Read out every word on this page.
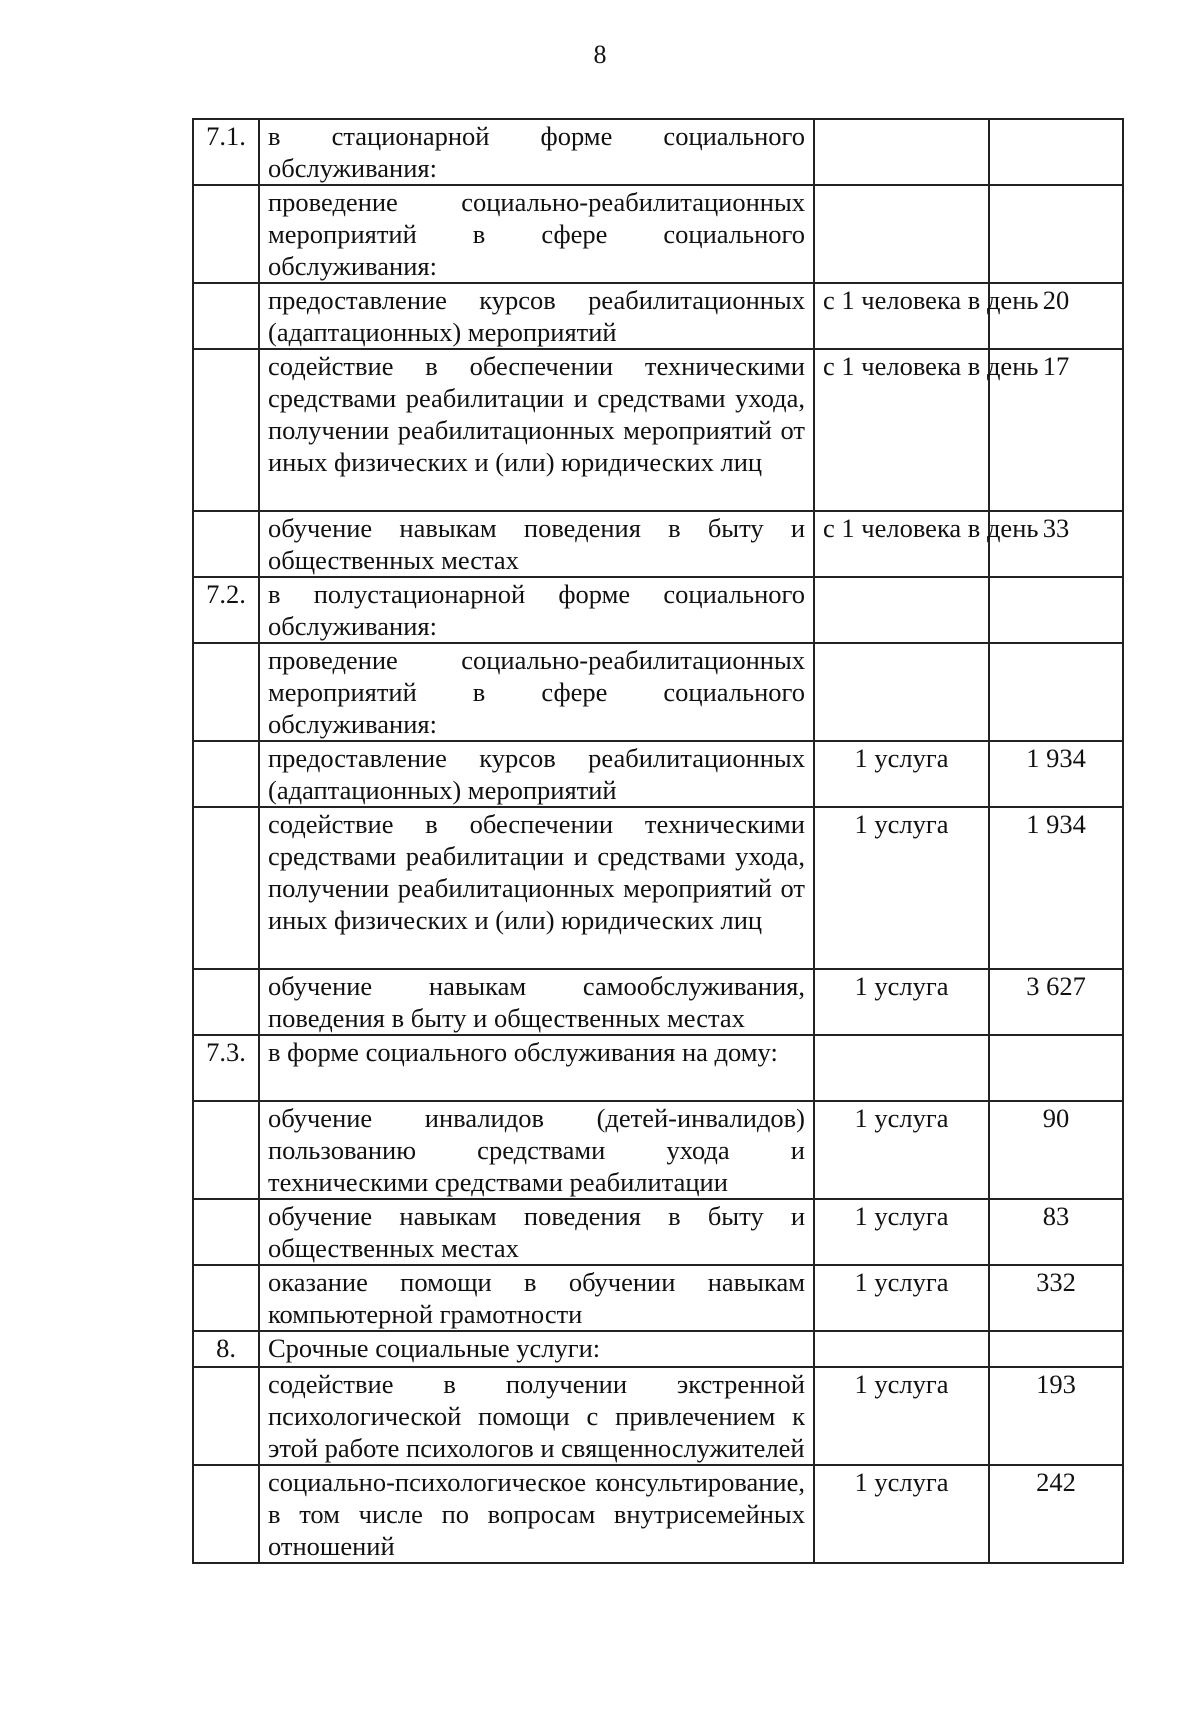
8
7.1.	в стационарной форме социального обслуживания:		
	проведение социально-реабилитационных мероприятий в сфере социального обслуживания:		
	предоставление курсов реабилитационных (адаптационных) мероприятий	с 1 человека в день	20
	содействие в обеспечении техническими средствами реабилитации и средствами ухода, получении реабилитационных мероприятий от иных физических и (или) юридических лиц	с 1 человека в день	17
	обучение навыкам поведения в быту и общественных местах	с 1 человека в день	33
7.2.	в полустационарной форме социального обслуживания:		
	проведение социально-реабилитационных мероприятий в сфере социального обслуживания:		
	предоставление курсов реабилитационных (адаптационных) мероприятий	1 услуга	1 934
	содействие в обеспечении техническими средствами реабилитации и средствами ухода, получении реабилитационных мероприятий от иных физических и (или) юридических лиц	1 услуга	1 934
	обучение навыкам самообслуживания, поведения в быту и общественных местах	1 услуга	3 627
7.3.	в форме социального обслуживания на дому:		
	обучение инвалидов (детей-инвалидов) пользованию средствами ухода и техническими средствами реабилитации	1 услуга	90
	обучение навыкам поведения в быту и общественных местах	1 услуга	83
	оказание помощи в обучении навыкам компьютерной грамотности	1 услуга	332
8.	Срочные социальные услуги:		
	содействие в получении экстренной психологической помощи с привлечением к этой работе психологов и священнослужителей	1 услуга	193
	социально-психологическое консультирование, в том числе по вопросам внутрисемейных отношений	1 услуга	242
